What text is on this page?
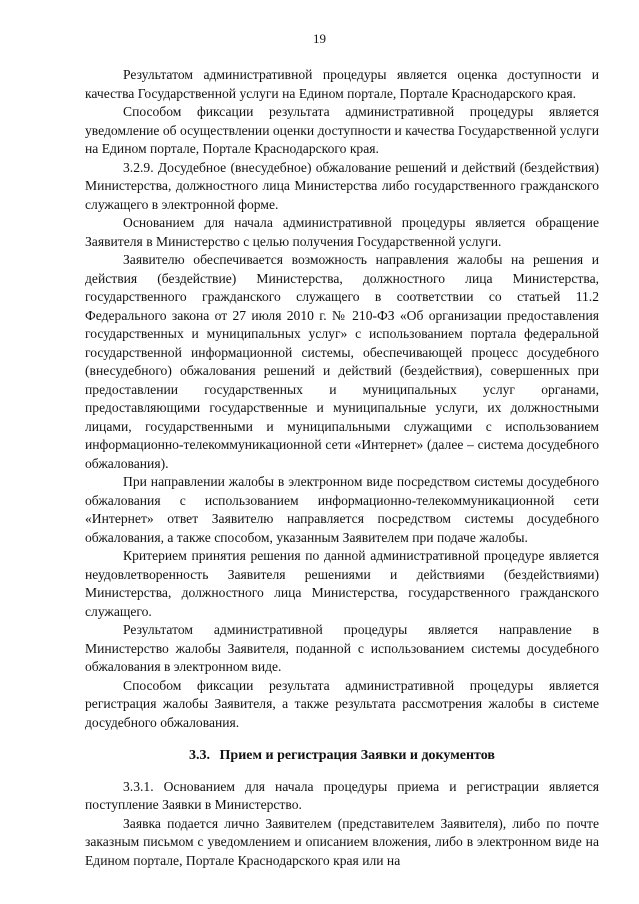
19

Результатом административной процедуры является оценка доступности и качества Государственной услуги на Едином портале, Портале Краснодарского края.

Способом фиксации результата административной процедуры является уведомление об осуществлении оценки доступности и качества Государственной услуги на Едином портале, Портале Краснодарского края.

3.2.9. Досудебное (внесудебное) обжалование решений и действий (бездействия) Министерства, должностного лица Министерства либо государственного гражданского служащего в электронной форме.

Основанием для начала административной процедуры является обращение Заявителя в Министерство с целью получения Государственной услуги.

Заявителю обеспечивается возможность направления жалобы на решения и действия (бездействие) Министерства, должностного лица Министерства, государственного гражданского служащего в соответствии со статьей 11.2 Федерального закона от 27 июля 2010 г. № 210-ФЗ «Об организации предоставления государственных и муниципальных услуг» с использованием портала федеральной государственной информационной системы, обеспечивающей процесс досудебного (внесудебного) обжалования решений и действий (бездействия), совершенных при предоставлении государственных и муниципальных услуг органами, предоставляющими государственные и муниципальные услуги, их должностными лицами, государственными и муниципальными служащими с использованием информационно-телекоммуникационной сети «Интернет» (далее – система досудебного обжалования).

При направлении жалобы в электронном виде посредством системы досудебного обжалования с использованием информационно-телекоммуникационной сети «Интернет» ответ Заявителю направляется посредством системы досудебного обжалования, а также способом, указанным Заявителем при подаче жалобы.

Критерием принятия решения по данной административной процедуре является неудовлетворенность Заявителя решениями и действиями (бездействиями) Министерства, должностного лица Министерства, государственного гражданского служащего.

Результатом административной процедуры является направление в Министерство жалобы Заявителя, поданной с использованием системы досудебного обжалования в электронном виде.

Способом фиксации результата административной процедуры является регистрация жалобы Заявителя, а также результата рассмотрения жалобы в системе досудебного обжалования.

3.3. Прием и регистрация Заявки и документов

3.3.1. Основанием для начала процедуры приема и регистрации является поступление Заявки в Министерство.

Заявка подается лично Заявителем (представителем Заявителя), либо по почте заказным письмом с уведомлением и описанием вложения, либо в электронном виде на Едином портале, Портале Краснодарского края или на
